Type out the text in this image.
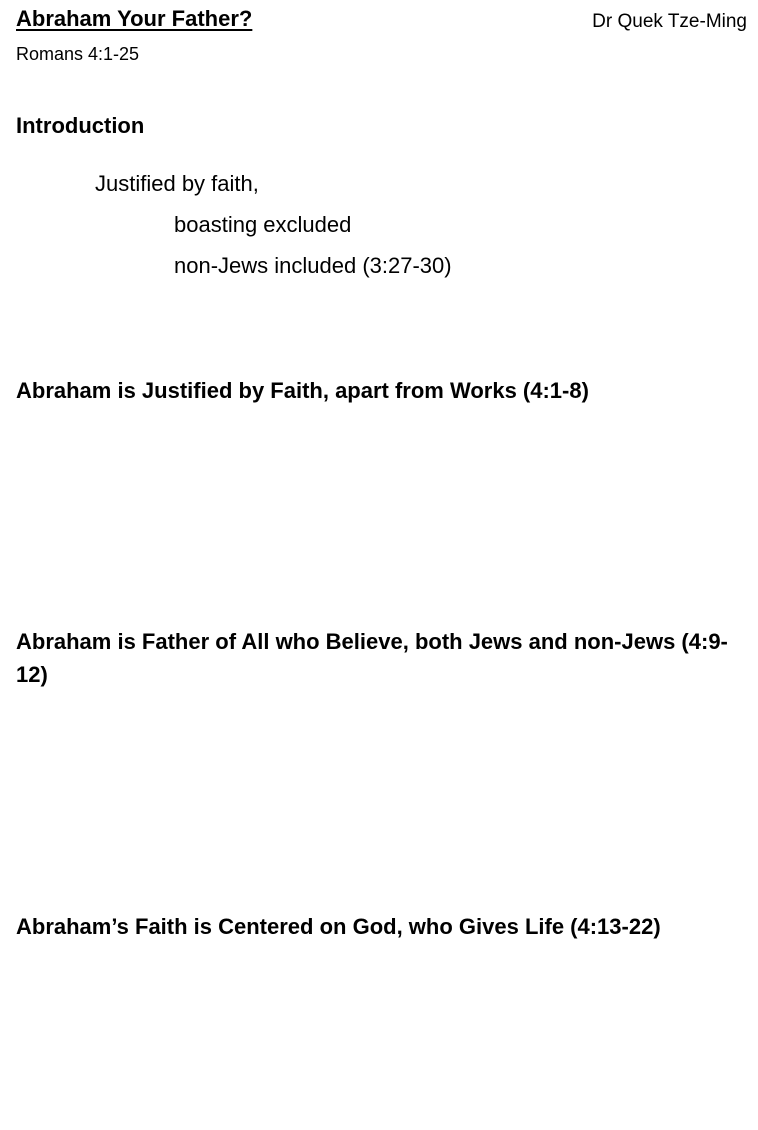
Abraham Your Father?	Dr Quek Tze-Ming
Romans 4:1-25
Introduction
Justified by faith,
boasting excluded
non-Jews included (3:27-30)
Abraham is Justified by Faith, apart from Works (4:1-8)
Abraham is Father of All who Believe, both Jews and non-Jews (4:9-12)
Abraham’s Faith is Centered on God, who Gives Life (4:13-22)
